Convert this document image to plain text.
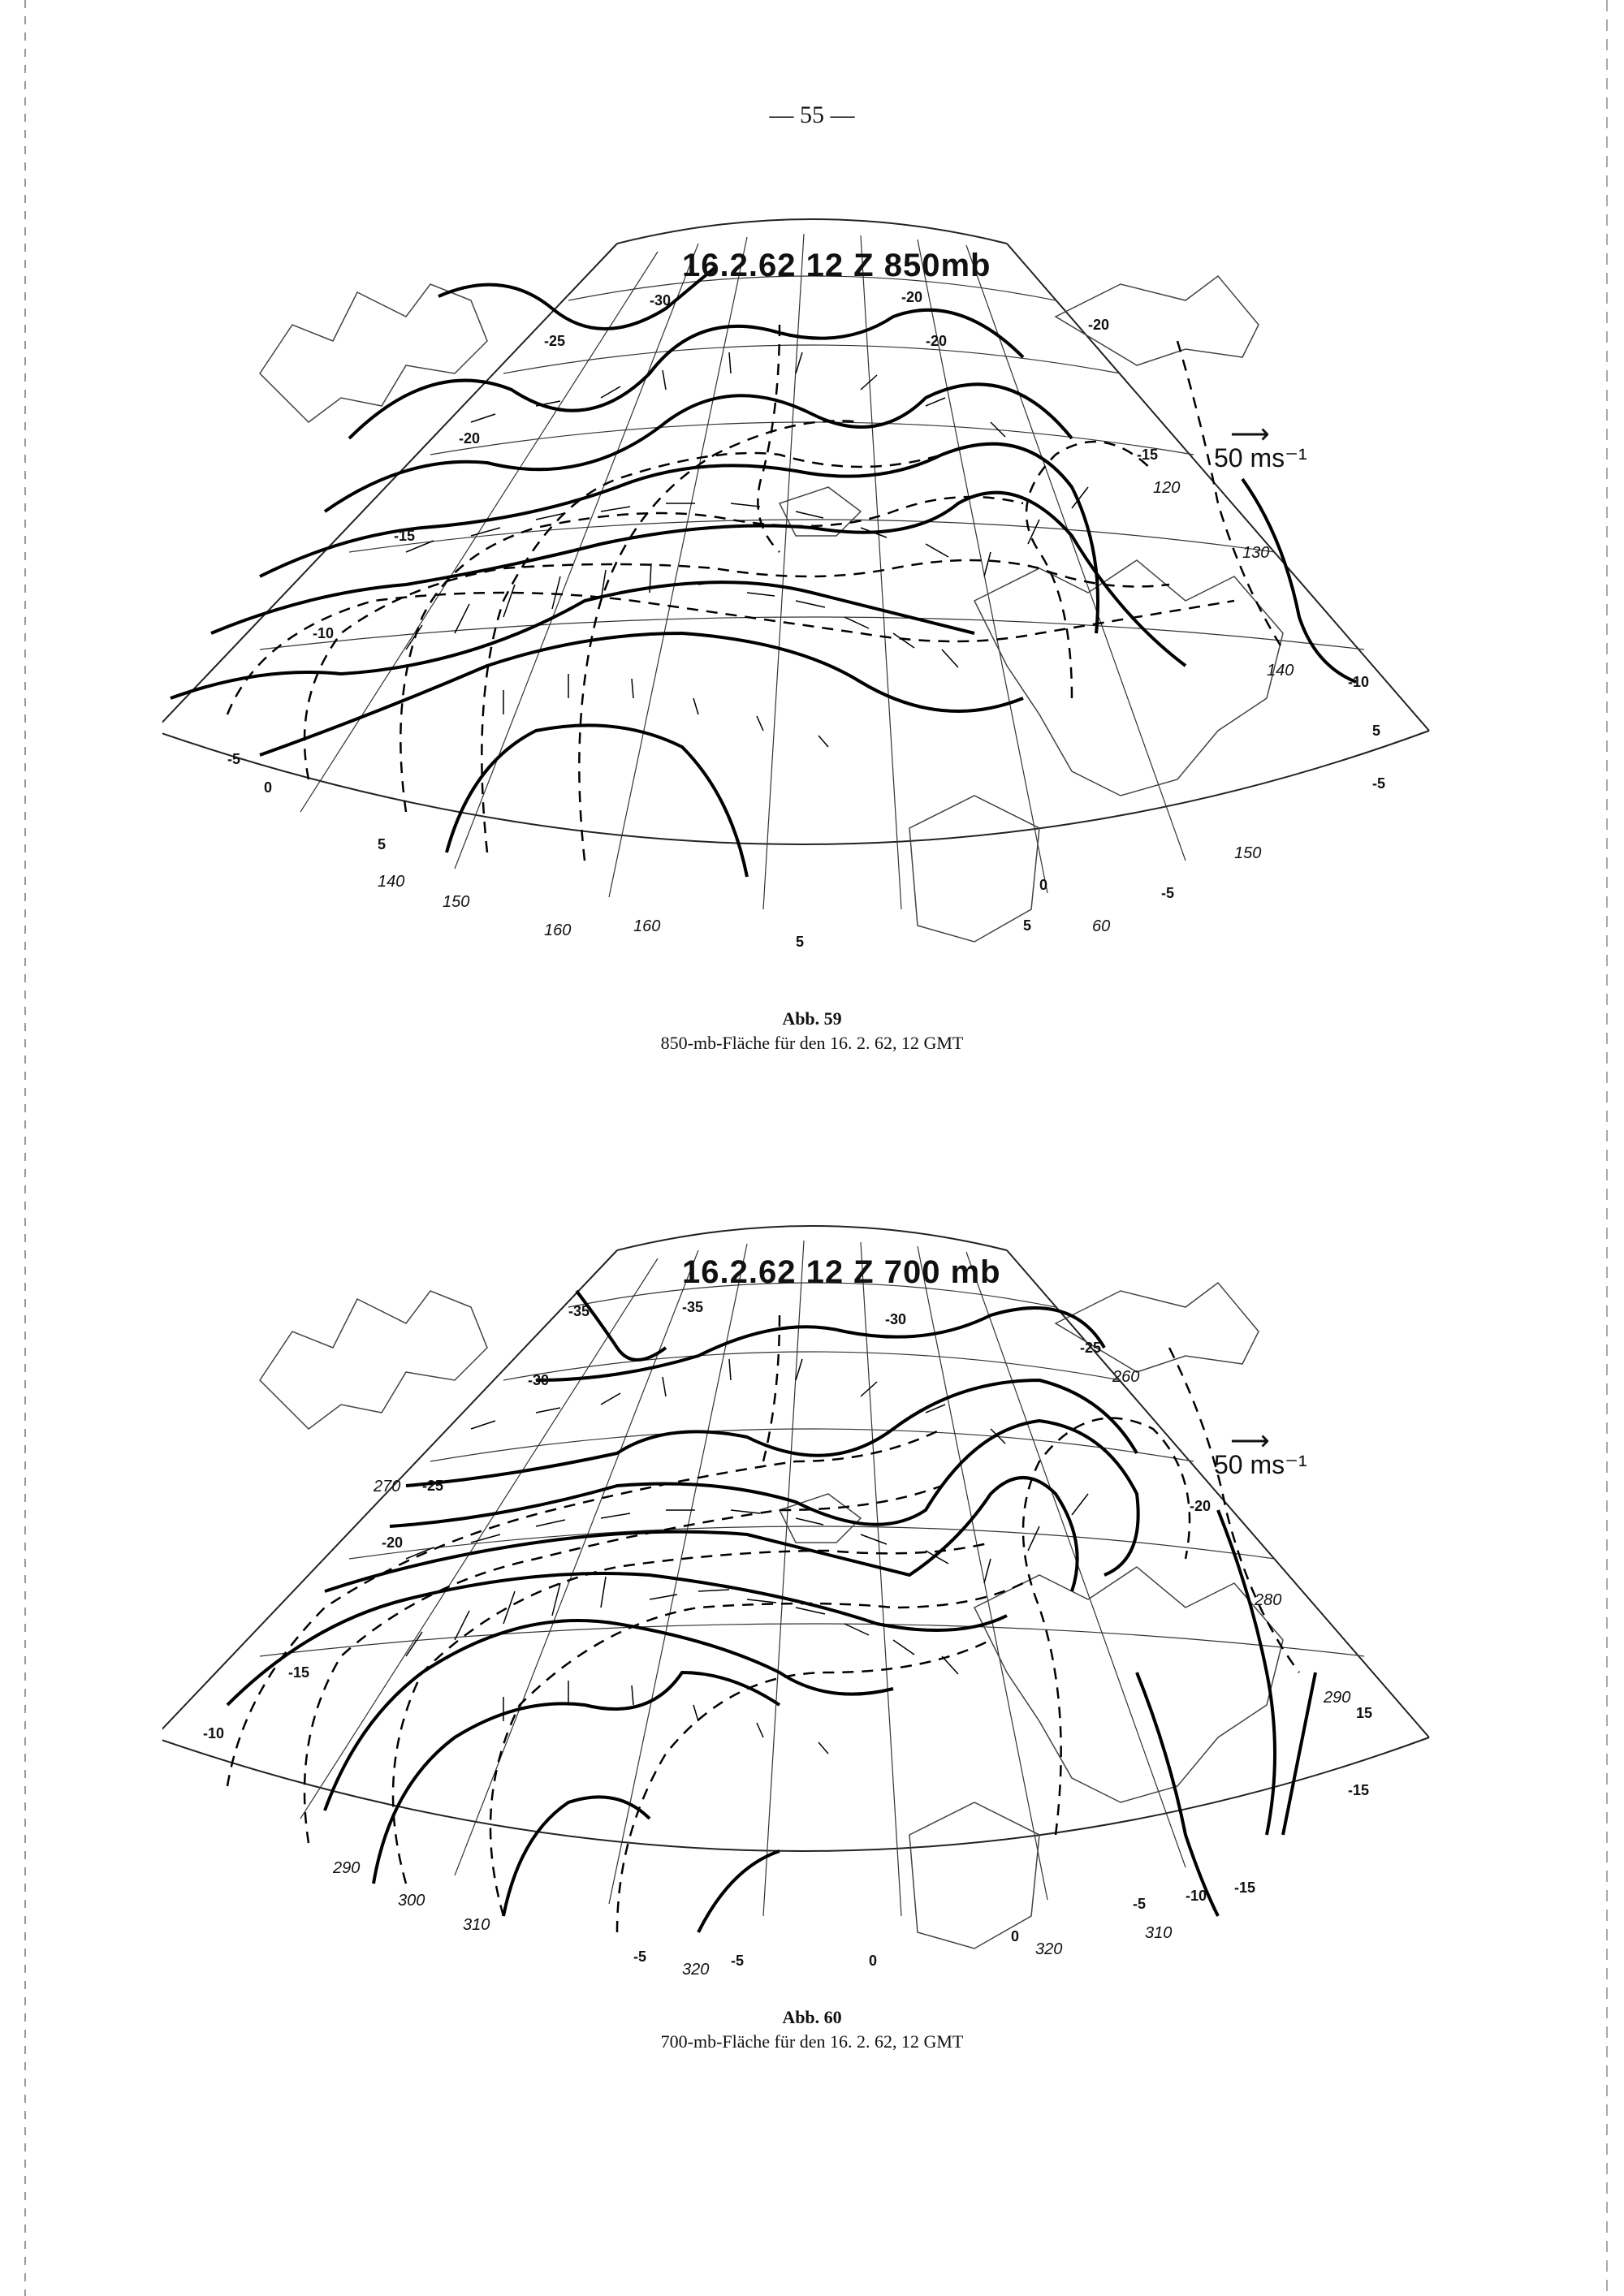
— 55 —
16.2.62 12 Z 850mb
⟶
50 ms⁻¹
-30	-20
-25
-20
-20
-15
-10
-5
0
5
5
5
-5
-20
-15
-10
5
-5
0
140
150
160	160
150
140
130
120
60
Abb. 59
850-mb-Fläche für den 16. 2. 62, 12 GMT
16.2.62 12 Z 700 mb
⟶
50 ms⁻¹
-35	-35
-30
-30
-25
-25
-20
-20
-15
-10
-5	-5	0
0
-5	-10 -15
-15
15
290
300
310
320
320
310
290
280
270
260
Abb. 60
700-mb-Fläche für den 16. 2. 62, 12 GMT
